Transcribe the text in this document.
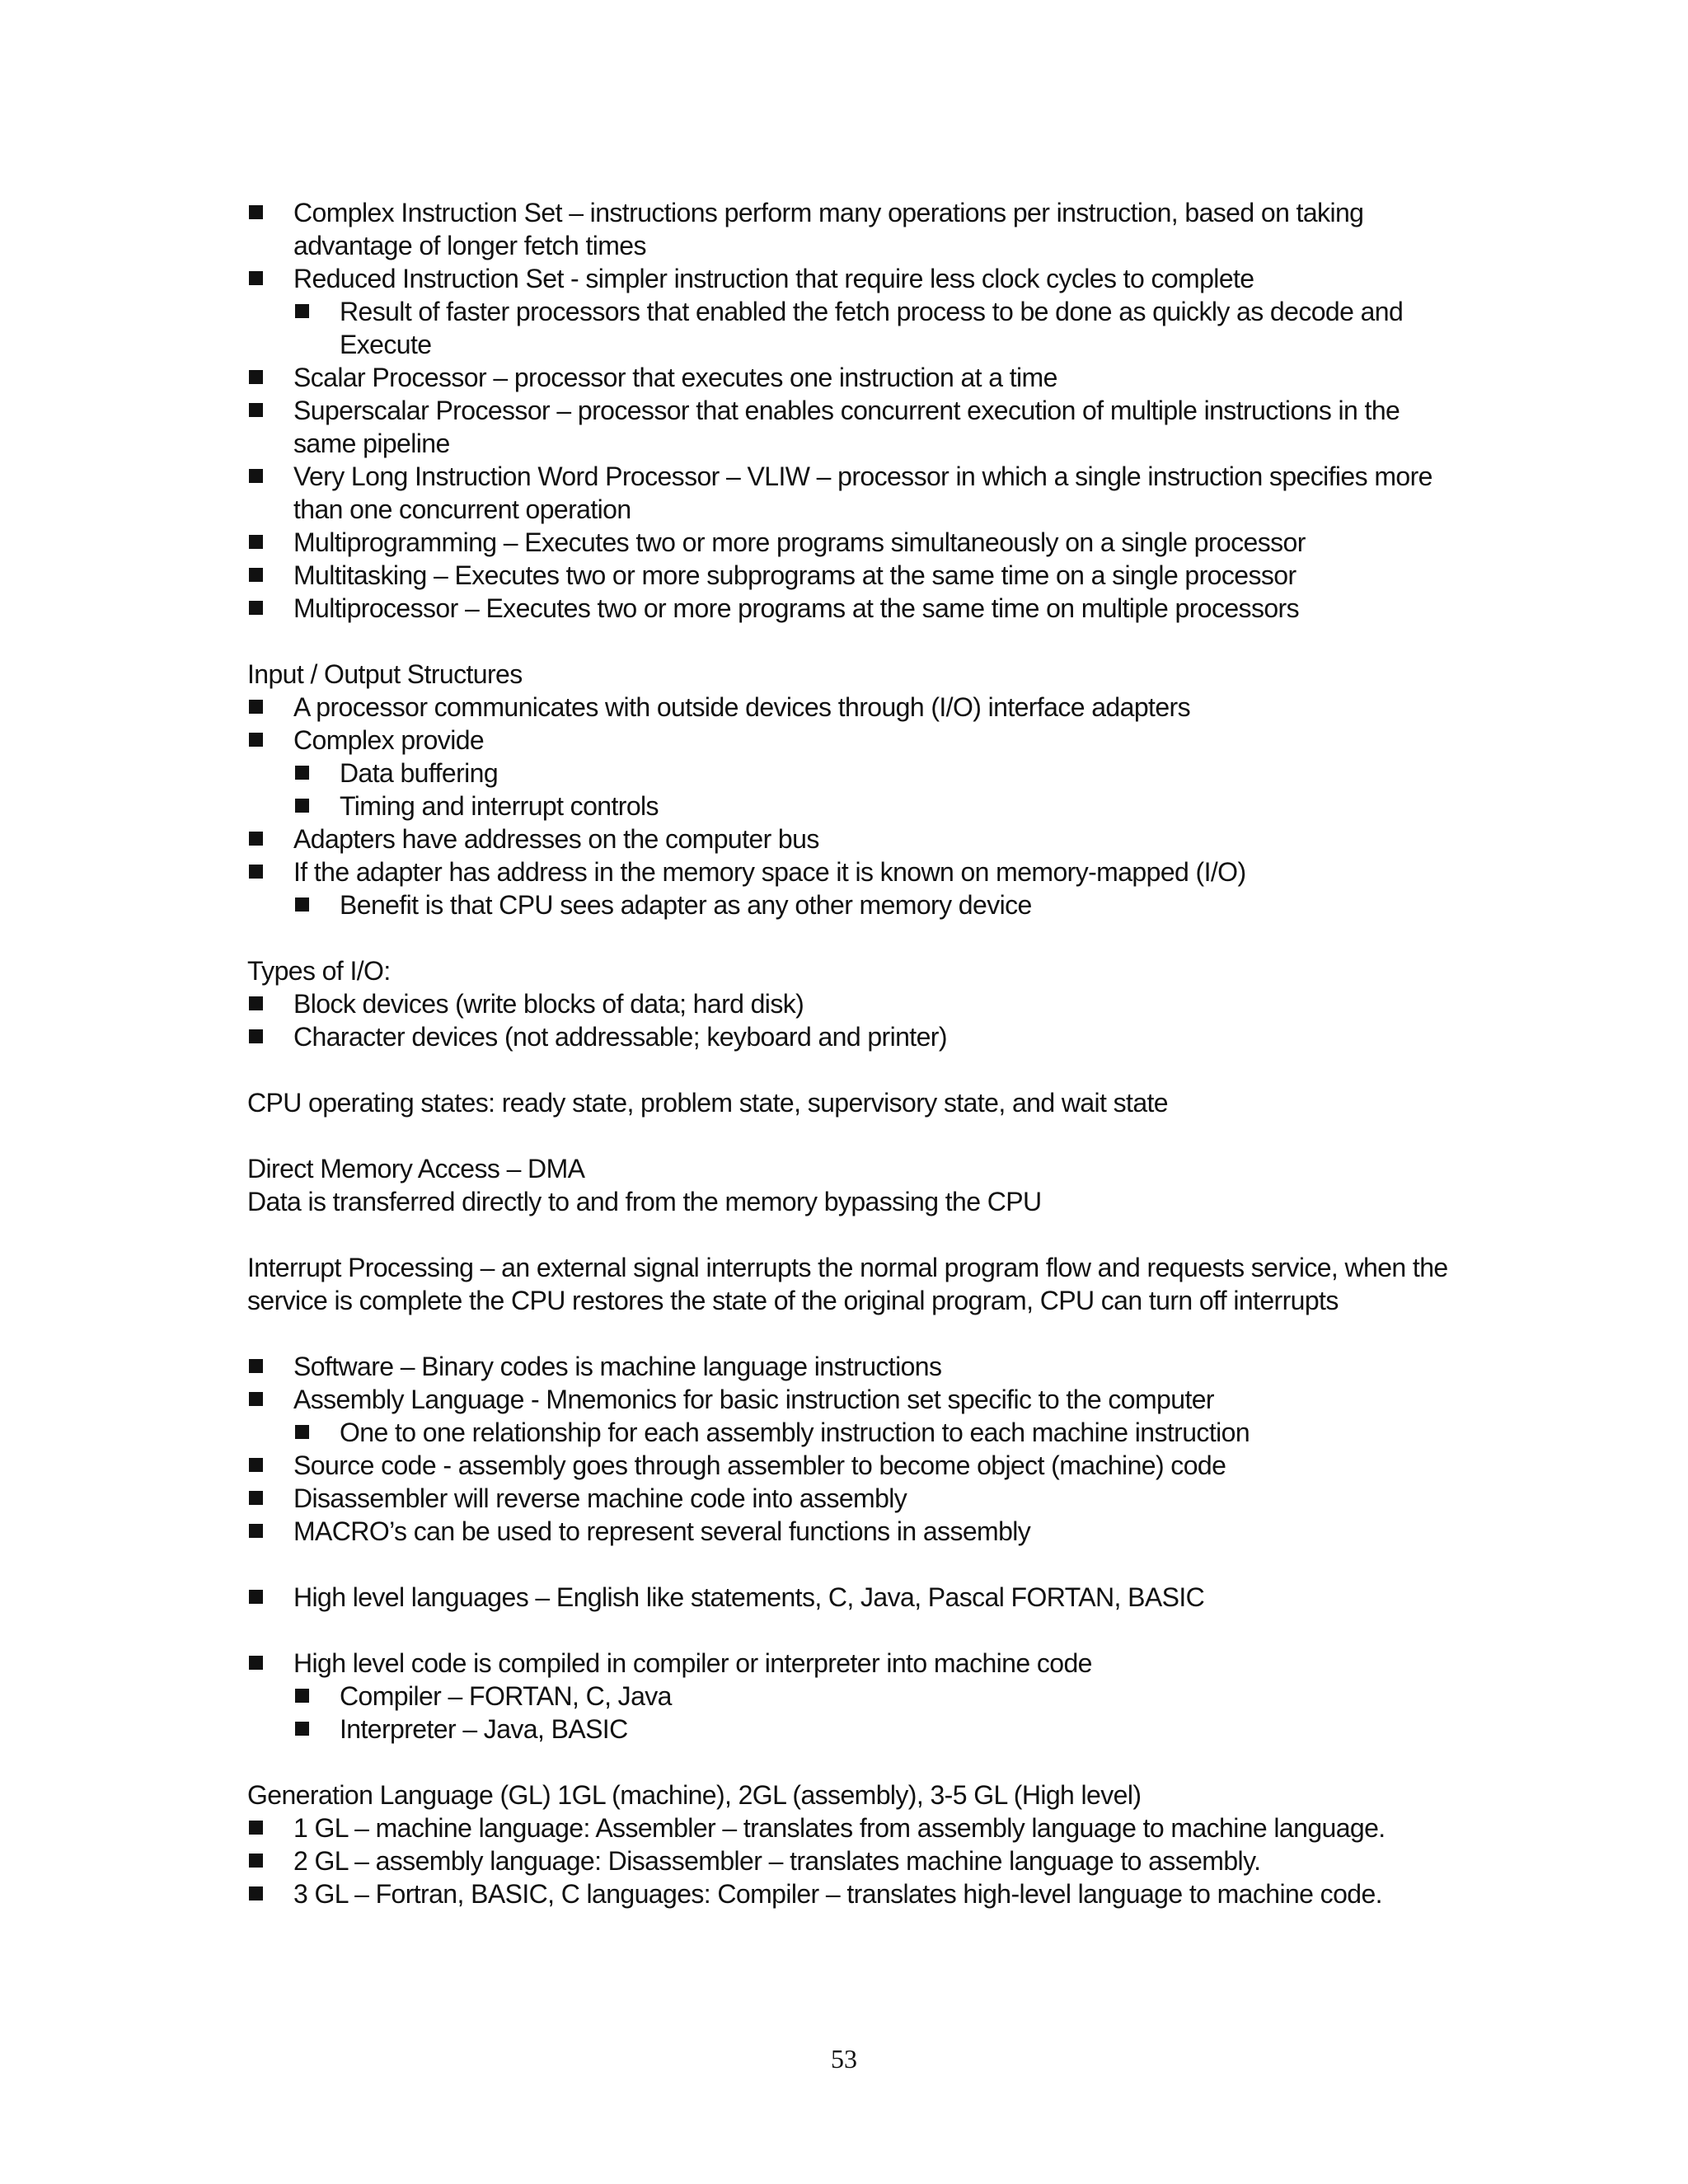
Complex Instruction Set – instructions perform many operations per instruction, based on taking advantage of longer fetch times
Reduced Instruction Set - simpler instruction that require less clock cycles to complete
Result of faster processors that enabled the fetch process to be done as quickly as decode and Execute
Scalar Processor – processor that executes one instruction at a time
Superscalar Processor – processor that enables concurrent execution of multiple instructions in the same pipeline
Very Long Instruction Word Processor – VLIW – processor in which a single instruction specifies more than one concurrent operation
Multiprogramming – Executes two or more programs simultaneously on a single processor
Multitasking – Executes two or more subprograms at the same time on a single processor
Multiprocessor – Executes two or more programs at the same time on multiple processors

Input / Output Structures

A processor communicates with outside devices through (I/O) interface adapters
Complex provide
Data buffering
Timing and interrupt controls
Adapters have addresses on the computer bus
If the adapter has address in the memory space it is known on memory-mapped (I/O)
Benefit is that CPU sees adapter as any other memory device

Types of I/O:

Block devices (write blocks of data; hard disk)
Character devices (not addressable; keyboard and printer)

CPU operating states: ready state, problem state, supervisory state, and wait state

Direct Memory Access – DMA

Data is transferred directly to and from the memory bypassing the CPU

Interrupt Processing – an external signal interrupts the normal program flow and requests service, when the service is complete the CPU restores the state of the original program, CPU can turn off interrupts

Software – Binary codes is machine language instructions
Assembly Language - Mnemonics for basic instruction set specific to the computer
One to one relationship for each assembly instruction to each machine instruction
Source code - assembly goes through assembler to become object (machine) code
Disassembler will reverse machine code into assembly
MACRO’s can be used to represent several functions in assembly
High level languages – English like statements, C, Java, Pascal FORTAN, BASIC
High level code is compiled in compiler or interpreter into machine code
Compiler – FORTAN, C, Java
Interpreter – Java, BASIC

Generation Language (GL) 1GL (machine), 2GL (assembly), 3-5 GL (High level)

1 GL – machine language: Assembler – translates from assembly language to machine language.
2 GL – assembly language: Disassembler – translates machine language to assembly.
3 GL – Fortran, BASIC, C languages: Compiler – translates high-level language to machine code.
53
